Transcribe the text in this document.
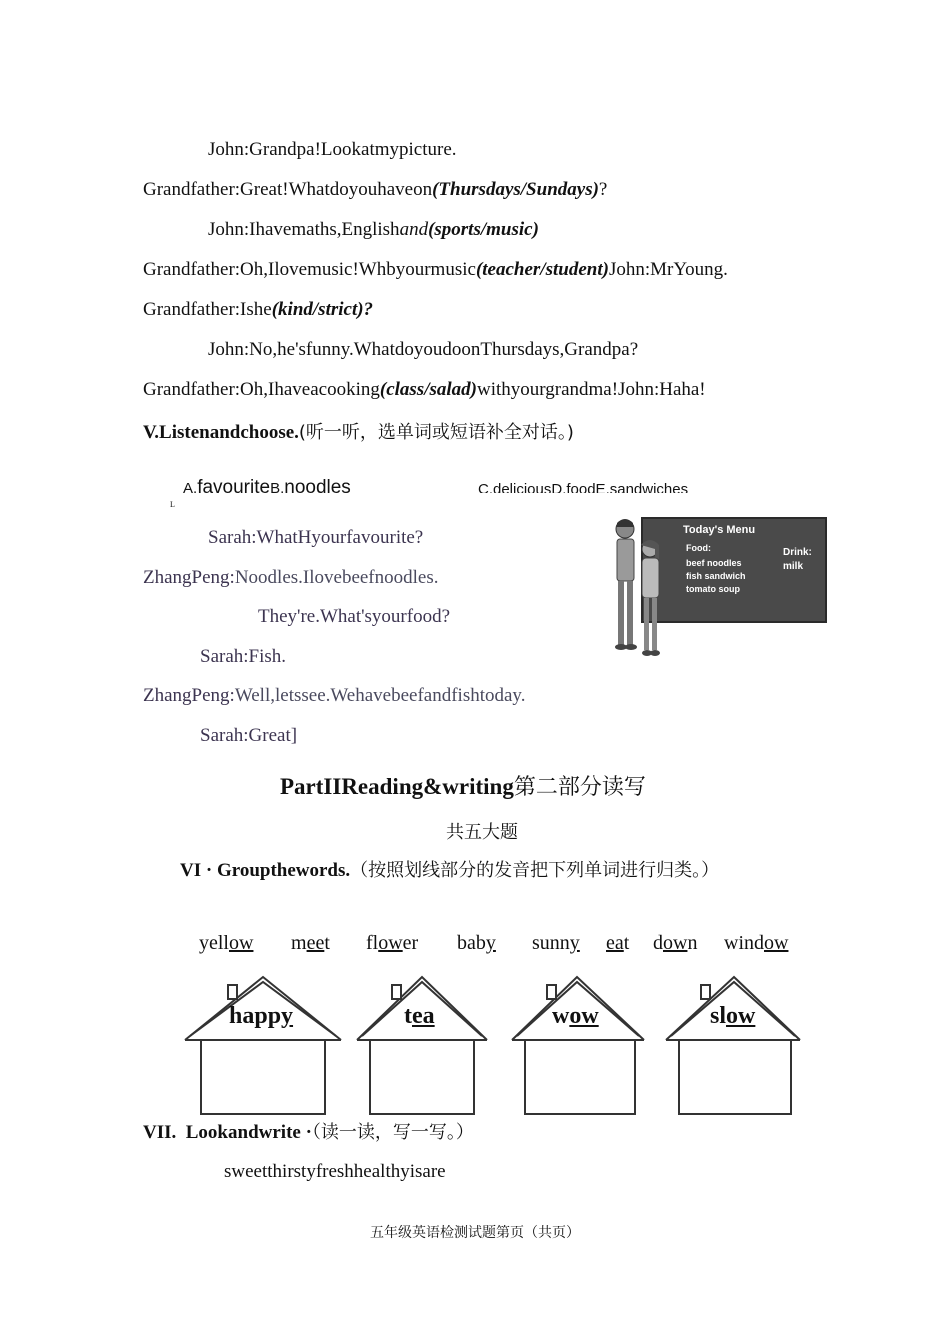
John:Grandpa!Lookatmypicture.
Grandfather:Great!Whatdoyouhaveon(Thursdays/Sundays)?
John:Ihavemaths,Englishand(sports/music)
Grandfather:Oh,Ilovemusic!Whbyourmusic(teacher/student)John:MrYoung.
Grandfather:Ishe(kind/strict)?
John:No,he'sfunny.WhatdoyoudoonThursdays,Grandpa?
Grandfather:Oh,Ihaveacooking(class/salad)withyourgrandma!John:Haha!
V.Listenandchoose.(听一听，选单词或短语补全对话。)
A.favouriteB.noodles	C.deliciousD.foodE.sandwiches
L
Sarah:WhatHyourfavourite?
ZhangPeng:Noodles.Ilovebeefnoodles.
They're.What'syourfood?
Sarah:Fish.
ZhangPeng:Well,letssee.Wehavebeefandfishtoday.
Sarah:Great]
Today's Menu
Food:
beef noodles
fish sandwich
tomato soup
Drink:
milk
PartIIReading&writing第二部分读写
共五大题
VI · Groupthewords.（按照划线部分的发音把下列单词进行归类。）
yellow meet flower baby sunny eat down window
happy	tea	wow	slow
VII.  Lookandwrite ·（读一读，写一写。）
sweetthirstyfreshhealthyisare
五年级英语检测试题第页（共页）
